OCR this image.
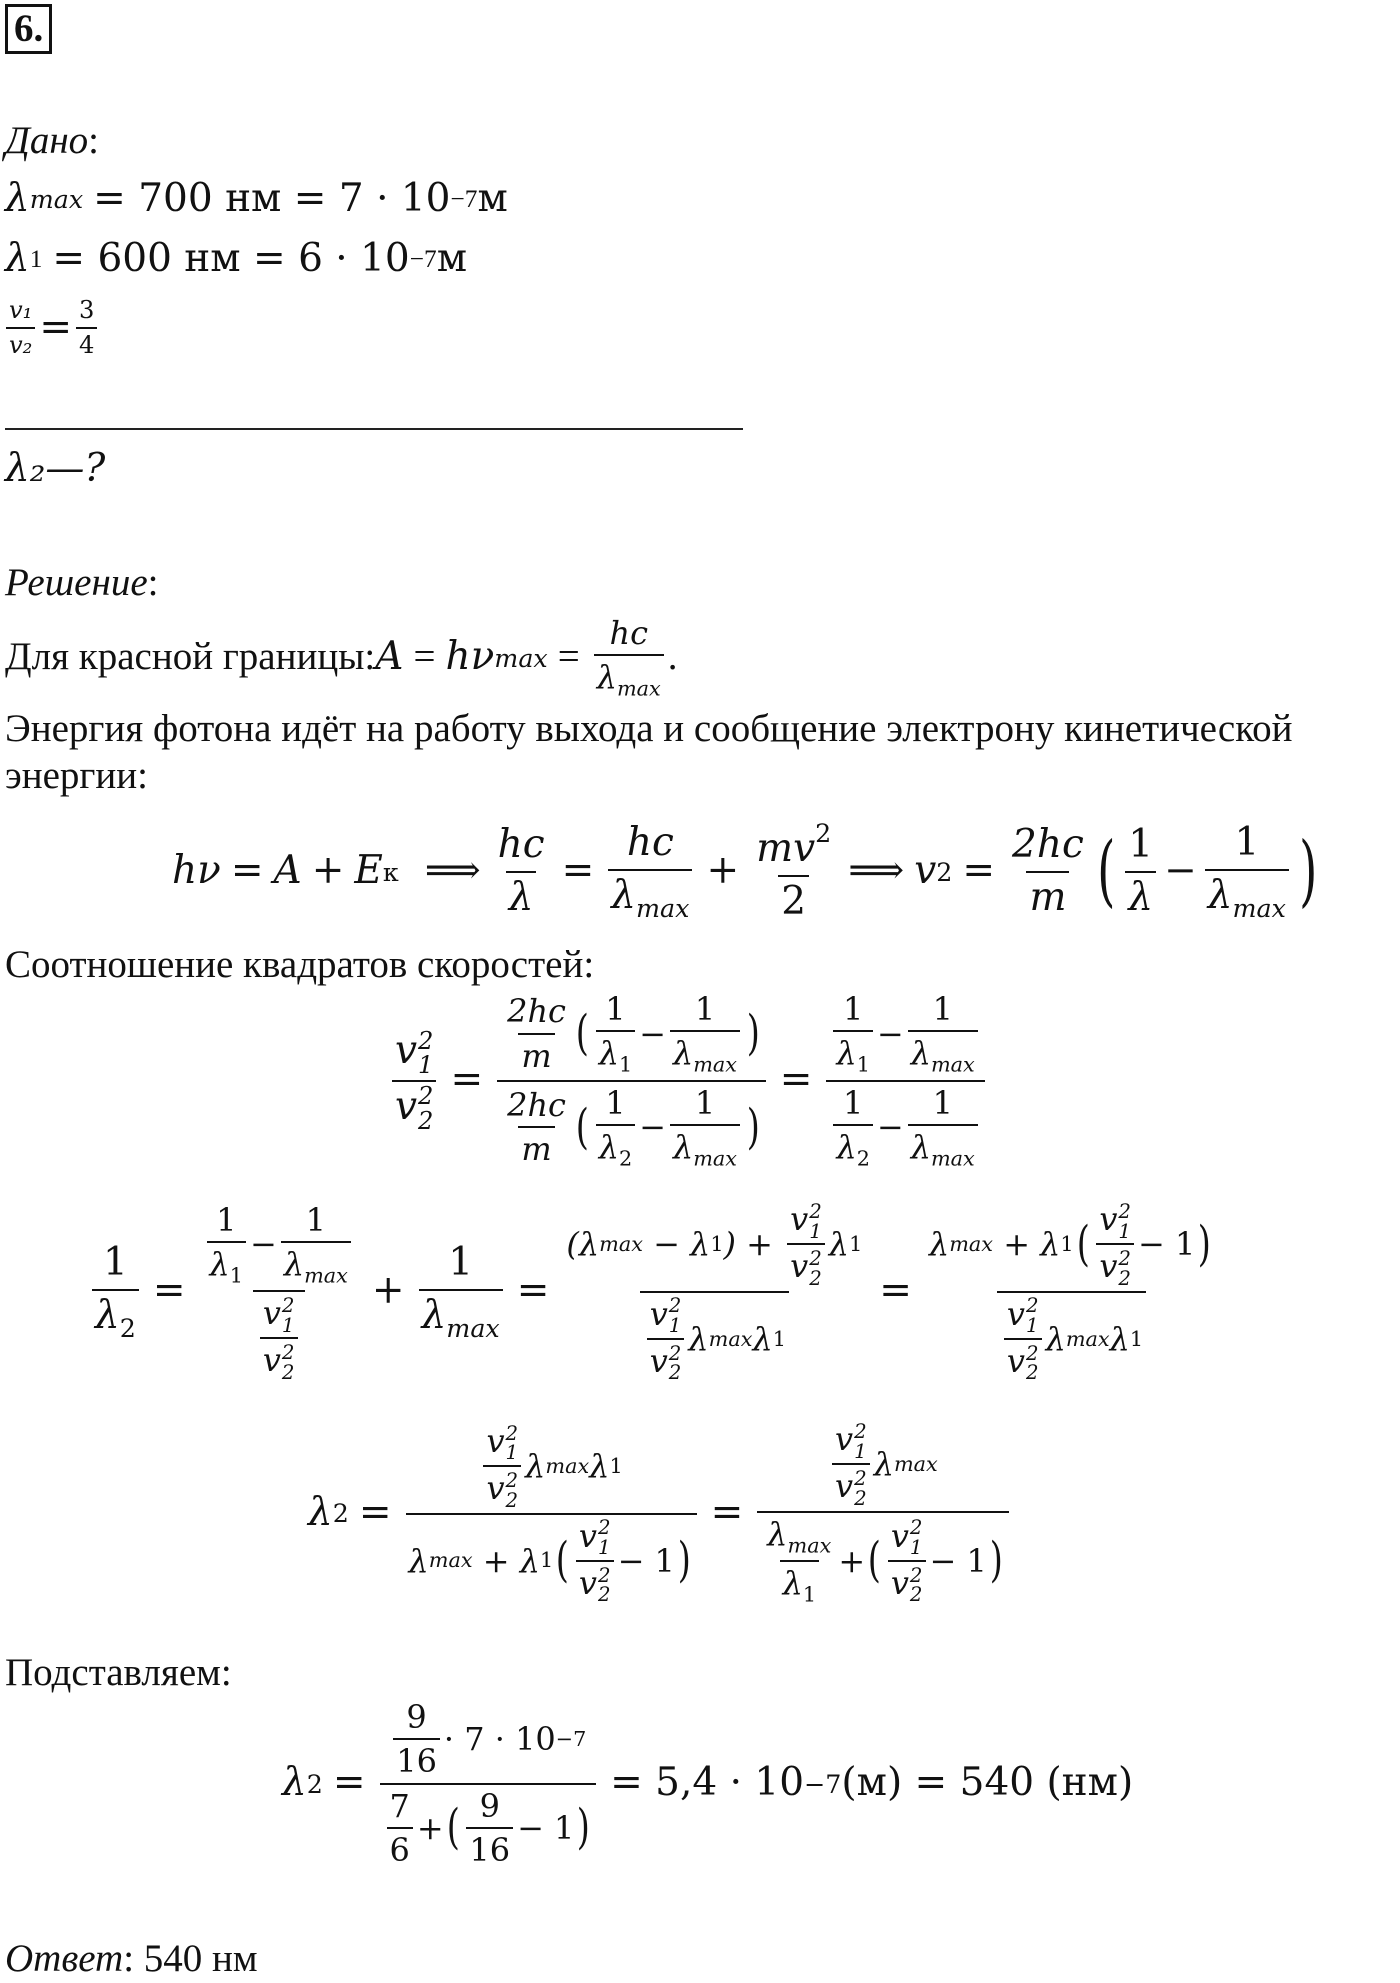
6.
Дано:
λ max = 700 нм = 7 · 10 −7 м
λ 1 = 600 нм = 6 · 10 −7 м
$\frac{\text{v₁}}{\text{v₂}} = \frac{3}{4}$
λ₂—?
Решение:
Для красной границы: A = hν $\max = \frac{hc}{\lambda_{max}}$ .
Энергия фотона идёт на работу выхода и сообщение электрону кинетической энергии:
hν = A + E к ⟹ $\frac{hc}{\lambda} = \frac{hc}{\lambda_{max}} + \frac{mv^2}{2}$ ⟹ v $2 = \frac{2hc}{m}$ ( $\frac{1}{\lambda} - \frac{1}{\lambda_{max}}$ )
Соотношение квадратов скоростей:
v 2
1
v 2
$2 = \frac{\frac{2hc}{m} ( \frac{1}{\lambda_1} - \frac{1}{\lambda_{max}} )}{\frac{2hc}{m} ( \frac{1}{\lambda_2} - \frac{1}{\lambda_{max}} )} = \frac{\frac{1}{\lambda_1} - \frac{1}{\lambda_{max}}}{\frac{1}{\lambda_2} - \frac{1}{\lambda_{max}}}$
$\frac{1}{\lambda_2} = \frac{1}{\lambda_1} - \frac{1}{\lambda_{max}}$
v 2
1
v 2
$2 + \frac{1}{\lambda_{max}} = (\lambda$ max − λ 1 ) + v 2
1
v 2
2 λ 1
v 2
1
v 2
2 λ max λ 1 = λ max + λ 1 ( v 2
1
v 2
2 − 1 )
v 2
1
v 2
2 λ max λ 1
λ 2 = v 2
1
v 2
2 λ max λ 1
λ max + λ 1 ( v 2
1
v 2
2 − 1 ) = v 2
1
v 2
2 λ max
$\frac{\lambda_{max}}{\lambda_1}$ + ( v 2
1
v 2
2 − 1 )
Подставляем:
λ $2 = \frac{\frac{9}{16} \cdot 7 \cdot 10 -7}{\frac{7}{6} + ( \frac{9}{16} - 1 )} = 5,4 \cdot 10 -7$ (м) = 540 (нм)
Ответ: 540 нм
